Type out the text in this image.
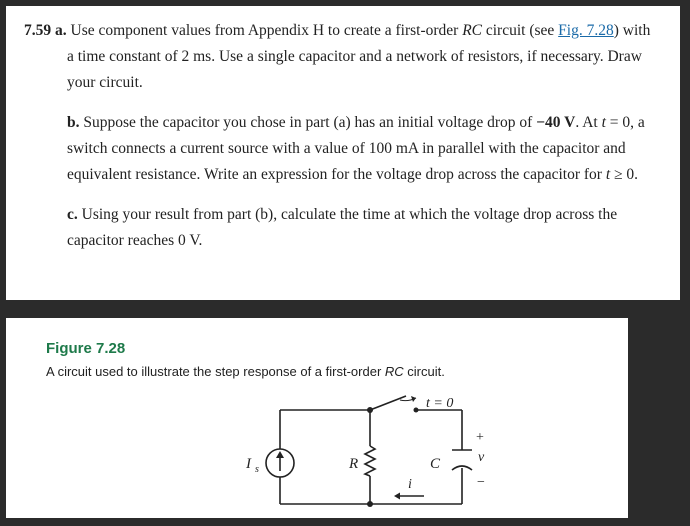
7.59 a. Use component values from Appendix H to create a first-order RC circuit (see Fig. 7.28) with a time constant of 2 ms. Use a single capacitor and a network of resistors, if necessary. Draw your circuit.

b. Suppose the capacitor you chose in part (a) has an initial voltage drop of −40 V. At t = 0, a switch connects a current source with a value of 100 mA in parallel with the capacitor and equivalent resistance. Write an expression for the voltage drop across the capacitor for t ≥ 0.

c. Using your result from part (b), calculate the time at which the voltage drop across the capacitor reaches 0 V.

Figure 7.28
A circuit used to illustrate the step response of a first-order RC circuit.
I s	R	C
+
v
−
t = 0
i
